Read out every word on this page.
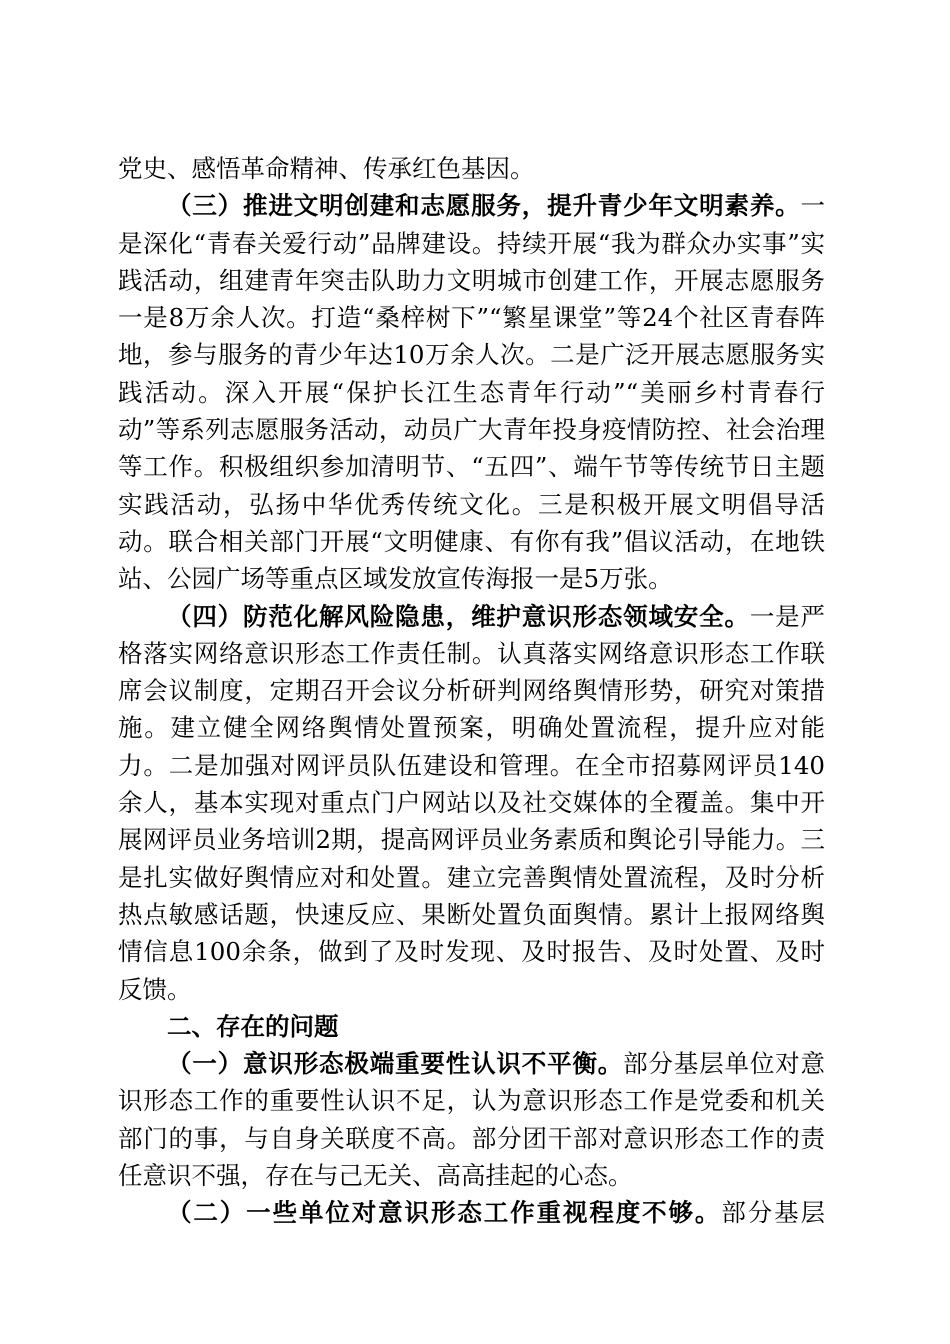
党史、感悟革命精神、传承红色基因。

（三）推进文明创建和志愿服务，提升青少年文明素养。一是深化“青春关爱行动”品牌建设。持续开展“我为群众办实事”实践活动，组建青年突击队助力文明城市创建工作，开展志愿服务一是8万余人次。打造“桑梓树下”“繁星课堂”等24个社区青春阵地，参与服务的青少年达10万余人次。二是广泛开展志愿服务实践活动。深入开展“保护长江生态青年行动”“美丽乡村青春行动”等系列志愿服务活动，动员广大青年投身疫情防控、社会治理等工作。积极组织参加清明节、“五四”、端午节等传统节日主题实践活动，弘扬中华优秀传统文化。三是积极开展文明倡导活动。联合相关部门开展“文明健康、有你有我”倡议活动，在地铁站、公园广场等重点区域发放宣传海报一是5万张。

（四）防范化解风险隐患，维护意识形态领域安全。一是严格落实网络意识形态工作责任制。认真落实网络意识形态工作联席会议制度，定期召开会议分析研判网络舆情形势，研究对策措施。建立健全网络舆情处置预案，明确处置流程，提升应对能力。二是加强对网评员队伍建设和管理。在全市招募网评员140余人，基本实现对重点门户网站以及社交媒体的全覆盖。集中开展网评员业务培训2期，提高网评员业务素质和舆论引导能力。三是扎实做好舆情应对和处置。建立完善舆情处置流程，及时分析热点敏感话题，快速反应、果断处置负面舆情。累计上报网络舆情信息100余条，做到了及时发现、及时报告、及时处置、及时反馈。

二、存在的问题

（一）意识形态极端重要性认识不平衡。部分基层单位对意识形态工作的重要性认识不足，认为意识形态工作是党委和机关部门的事，与自身关联度不高。部分团干部对意识形态工作的责任意识不强，存在与己无关、高高挂起的心态。

（二）一些单位对意识形态工作重视程度不够。部分基层
